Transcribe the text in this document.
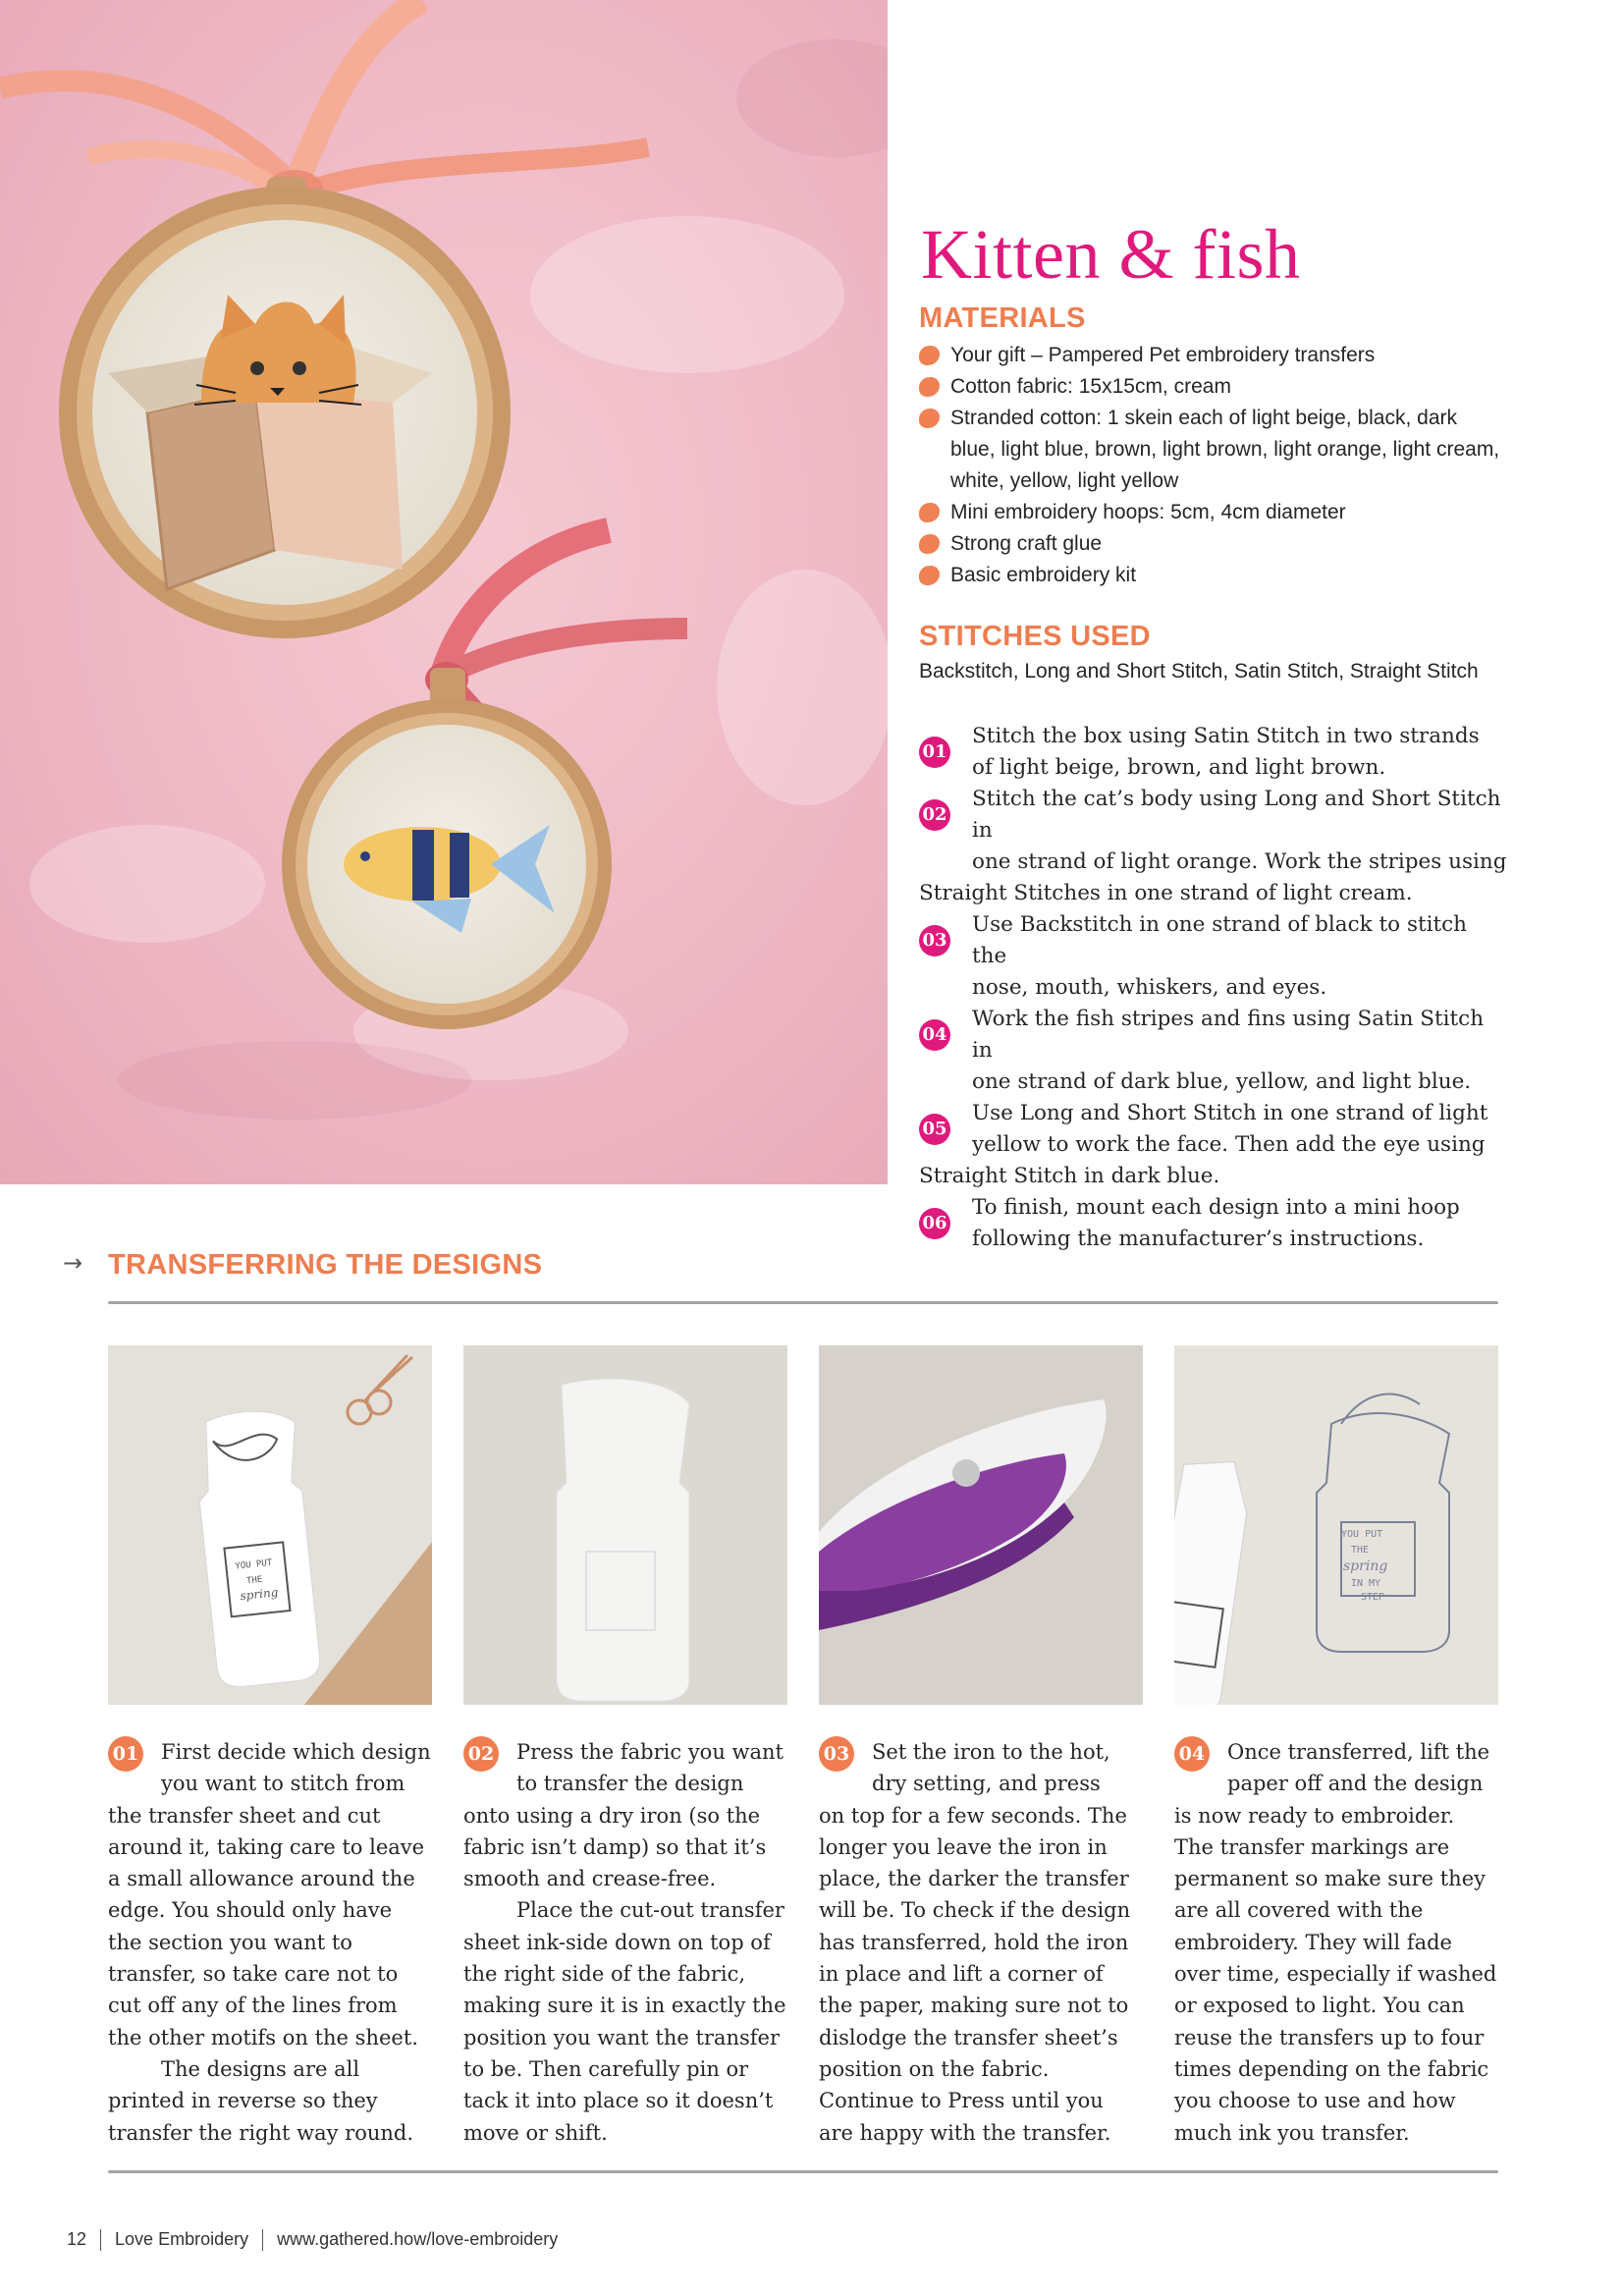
Kitten & fish
MATERIALS
Your gift – Pampered Pet embroidery transfers
Cotton fabric: 15x15cm, cream
Stranded cotton: 1 skein each of light beige, black, dark blue, light blue, brown, light brown, light orange, light cream, white, yellow, light yellow
Mini embroidery hoops: 5cm, 4cm diameter
Strong craft glue
Basic embroidery kit
STITCHES USED
Backstitch, Long and Short Stitch, Satin Stitch, Straight Stitch
01
Stitch the box using Satin Stitch in two strands
of light beige, brown, and light brown.
02
Stitch the cat’s body using Long and Short Stitch in
one strand of light orange. Work the stripes using
Straight Stitches in one strand of light cream.
03
Use Backstitch in one strand of black to stitch the
nose, mouth, whiskers, and eyes.
04
Work the fish stripes and fins using Satin Stitch in
one strand of dark blue, yellow, and light blue.
05
Use Long and Short Stitch in one strand of light
yellow to work the face. Then add the eye using
Straight Stitch in dark blue.
06
To finish, mount each design into a mini hoop
following the manufacturer’s instructions.
→ TRANSFERRING THE DESIGNS
YOU PUT
THE
spring
YOU PUT
THE
spring
IN MY
STEP
01	First decide which design
you want to stitch from

the transfer sheet and cut around it, taking care to leave a small allowance around the edge. You should only have the section you want to transfer, so take care not to cut off any of the lines from the other motifs on the sheet.

The designs are all printed in reverse so they transfer the right way round.

02	Press the fabric you want
to transfer the design

onto using a dry iron (so the fabric isn’t damp) so that it’s smooth and crease-free.

Place the cut-out transfer sheet ink-side down on top of the right side of the fabric, making sure it is in exactly the position you want the transfer to be. Then carefully pin or tack it into place so it doesn’t move or shift.

03	Set the iron to the hot,
dry setting, and press

on top for a few seconds. The longer you leave the iron in place, the darker the transfer will be. To check if the design has transferred, hold the iron in place and lift a corner of the paper, making sure not to dislodge the transfer sheet’s position on the fabric. Continue to Press until you are happy with the transfer.

04	Once transferred, lift the
paper off and the design

is now ready to embroider. The transfer markings are permanent so make sure they are all covered with the embroidery. They will fade over time, especially if washed or exposed to light. You can reuse the transfers up to four times depending on the fabric you choose to use and how much ink you transfer.

12 Love Embroidery www.gathered.how/love-embroidery
